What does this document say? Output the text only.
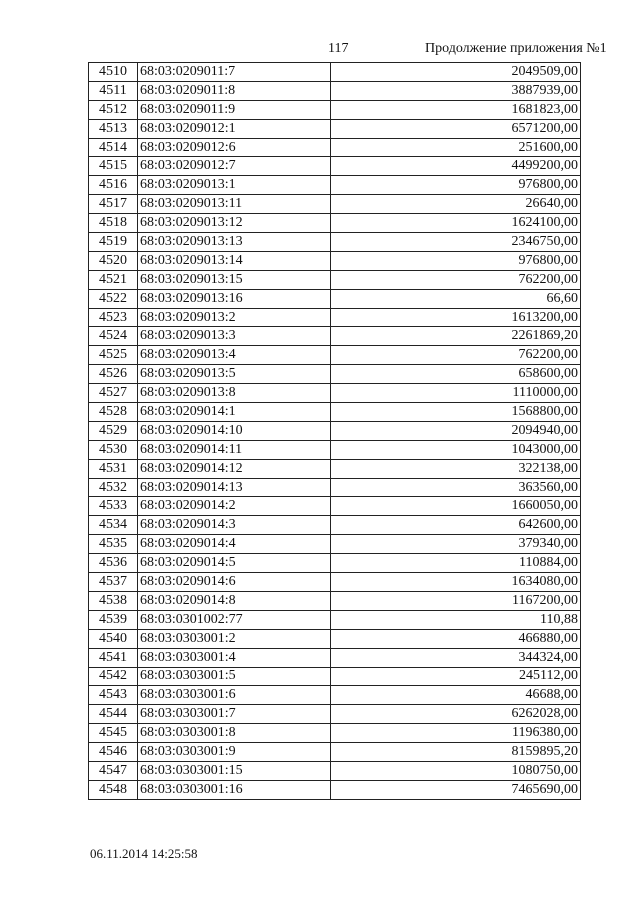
117	Продолжение приложения №1
4510	68:03:0209011:7	2049509,00
4511	68:03:0209011:8	3887939,00
4512	68:03:0209011:9	1681823,00
4513	68:03:0209012:1	6571200,00
4514	68:03:0209012:6	251600,00
4515	68:03:0209012:7	4499200,00
4516	68:03:0209013:1	976800,00
4517	68:03:0209013:11	26640,00
4518	68:03:0209013:12	1624100,00
4519	68:03:0209013:13	2346750,00
4520	68:03:0209013:14	976800,00
4521	68:03:0209013:15	762200,00
4522	68:03:0209013:16	66,60
4523	68:03:0209013:2	1613200,00
4524	68:03:0209013:3	2261869,20
4525	68:03:0209013:4	762200,00
4526	68:03:0209013:5	658600,00
4527	68:03:0209013:8	1110000,00
4528	68:03:0209014:1	1568800,00
4529	68:03:0209014:10	2094940,00
4530	68:03:0209014:11	1043000,00
4531	68:03:0209014:12	322138,00
4532	68:03:0209014:13	363560,00
4533	68:03:0209014:2	1660050,00
4534	68:03:0209014:3	642600,00
4535	68:03:0209014:4	379340,00
4536	68:03:0209014:5	110884,00
4537	68:03:0209014:6	1634080,00
4538	68:03:0209014:8	1167200,00
4539	68:03:0301002:77	110,88
4540	68:03:0303001:2	466880,00
4541	68:03:0303001:4	344324,00
4542	68:03:0303001:5	245112,00
4543	68:03:0303001:6	46688,00
4544	68:03:0303001:7	6262028,00
4545	68:03:0303001:8	1196380,00
4546	68:03:0303001:9	8159895,20
4547	68:03:0303001:15	1080750,00
4548	68:03:0303001:16	7465690,00
06.11.2014 14:25:58
